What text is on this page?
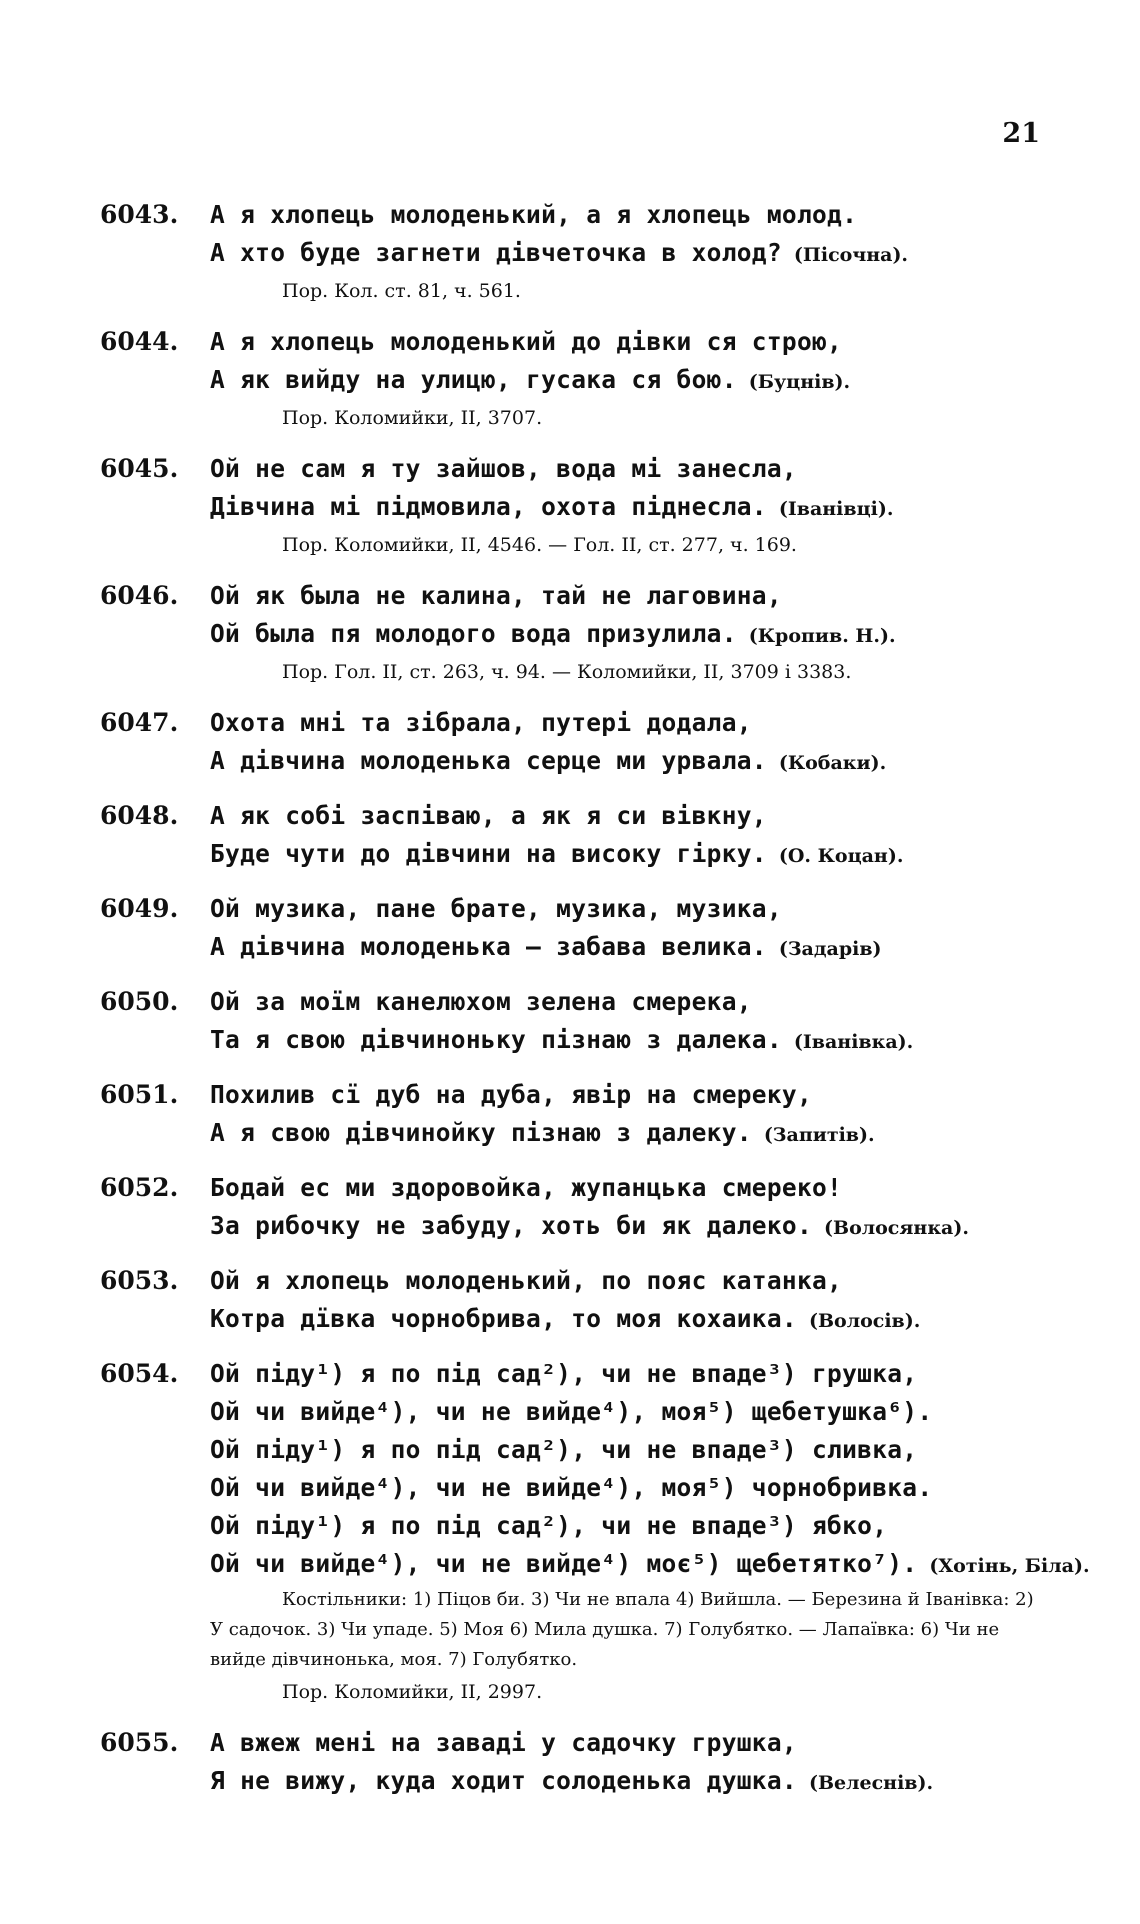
21
6043.	А я хлопець молоденький, а я хлопець молод.
А хто буде загнети дівчеточка в холод? (Пісочна).
Пор. Кол. ст. 81, ч. 561.
6044.	А я хлопець молоденький до дівки ся строю,
А як вийду на улицю, гусака ся бою. (Буцнів).
Пор. Коломийки, II, 3707.
6045.	Ой не сам я ту зайшов, вода мі занесла,
Дівчина мі підмовила, охота піднесла. (Іванівці).
Пор. Коломийки, II, 4546. — Гол. II, ст. 277, ч. 169.
6046.	Ой як была не калина, тай не лаговина,
Ой была пя молодого вода призулила. (Кропив. Н.).
Пор. Гол. II, ст. 263, ч. 94. — Коломийки, II, 3709 і 3383.
6047.	Охота мні та зібрала, путері додала,
А дівчина молоденька серце ми урвала. (Кобаки).
6048.	А як собі заспіваю, а як я си вівкну,
Буде чути до дівчини на високу гірку. (О. Коцан).
6049.	Ой музика, пане брате, музика, музика,
А дівчина молоденька — забава велика. (Задарів)
6050.	Ой за моїм канелюхом зелена смерека,
Та я свою дівчиноньку пізнаю з далека. (Іванівка).
6051.	Похилив сї дуб на дуба, явір на смереку,
А я свою дівчинойку пізнаю з далеку. (Запитів).
6052.	Бодай ес ми здоровойка, жупанцька смереко!
За рибочку не забуду, хоть би як далеко. (Волосянка).
6053.	Ой я хлопець молоденький, по пояс катанка,
Котра дївка чорнобрива, то моя кохаика. (Волосів).
6054.	Ой піду¹) я по під сад²), чи не впаде³) грушка,
Ой чи вийде⁴), чи не вийде⁴), моя⁵) щебетушка⁶).
Ой піду¹) я по під сад²), чи не впаде³) сливка,
Ой чи вийде⁴), чи не вийде⁴), моя⁵) чорнобривка.
Ой піду¹) я по під сад²), чи не впаде³) ябко,
Ой чи вийде⁴), чи не вийде⁴) моє⁵) щебетятко⁷). (Хотінь, Біла).
Костільники: 1) Піцов би. 3) Чи не впала 4) Вийшла. — Березина й Іванівка: 2) У садочок. 3) Чи упаде. 5) Моя 6) Мила душка. 7) Голубятко. — Лапаївка: 6) Чи не вийде дівчинонька, моя. 7) Голубятко.
Пор. Коломийки, II, 2997.
6055.	А вжеж мені на заваді у садочку грушка,
Я не вижу, куда ходит солоденька душка. (Велеснів).
